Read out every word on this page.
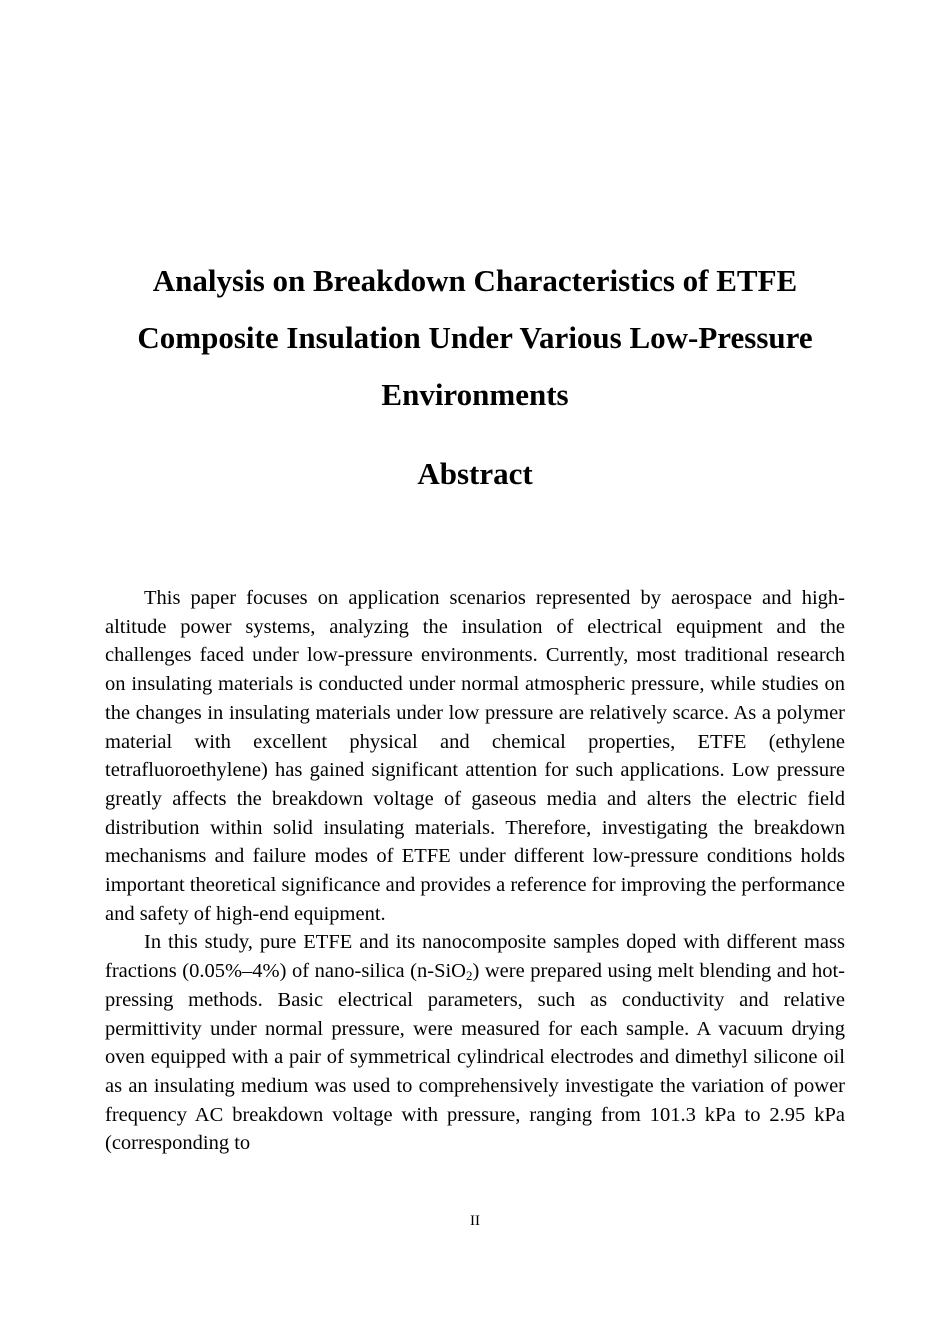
Analysis on Breakdown Characteristics of ETFE
Composite Insulation Under Various Low-Pressure
Environments
Abstract

This paper focuses on application scenarios represented by aerospace and high-altitude power systems, analyzing the insulation of electrical equipment and the challenges faced under low-pressure environments. Currently, most traditional research on insulating materials is conducted under normal atmospheric pressure, while studies on the changes in insulating materials under low pressure are relatively scarce. As a polymer material with excellent physical and chemical properties, ETFE (ethylene tetrafluoroethylene) has gained significant attention for such applications. Low pressure greatly affects the breakdown voltage of gaseous media and alters the electric field distribution within solid insulating materials. Therefore, investigating the breakdown mechanisms and failure modes of ETFE under different low-pressure conditions holds important theoretical significance and provides a reference for improving the performance and safety of high-end equipment.

In this study, pure ETFE and its nanocomposite samples doped with different mass fractions (0.05%–4%) of nano-silica (n-SiO$_2$) were prepared using melt blending and hot-pressing methods. Basic electrical parameters, such as conductivity and relative permittivity under normal pressure, were measured for each sample. A vacuum drying oven equipped with a pair of symmetrical cylindrical electrodes and dimethyl silicone oil as an insulating medium was used to comprehensively investigate the variation of power frequency AC breakdown voltage with pressure, ranging from 101.3 kPa to 2.95 kPa (corresponding to

II
